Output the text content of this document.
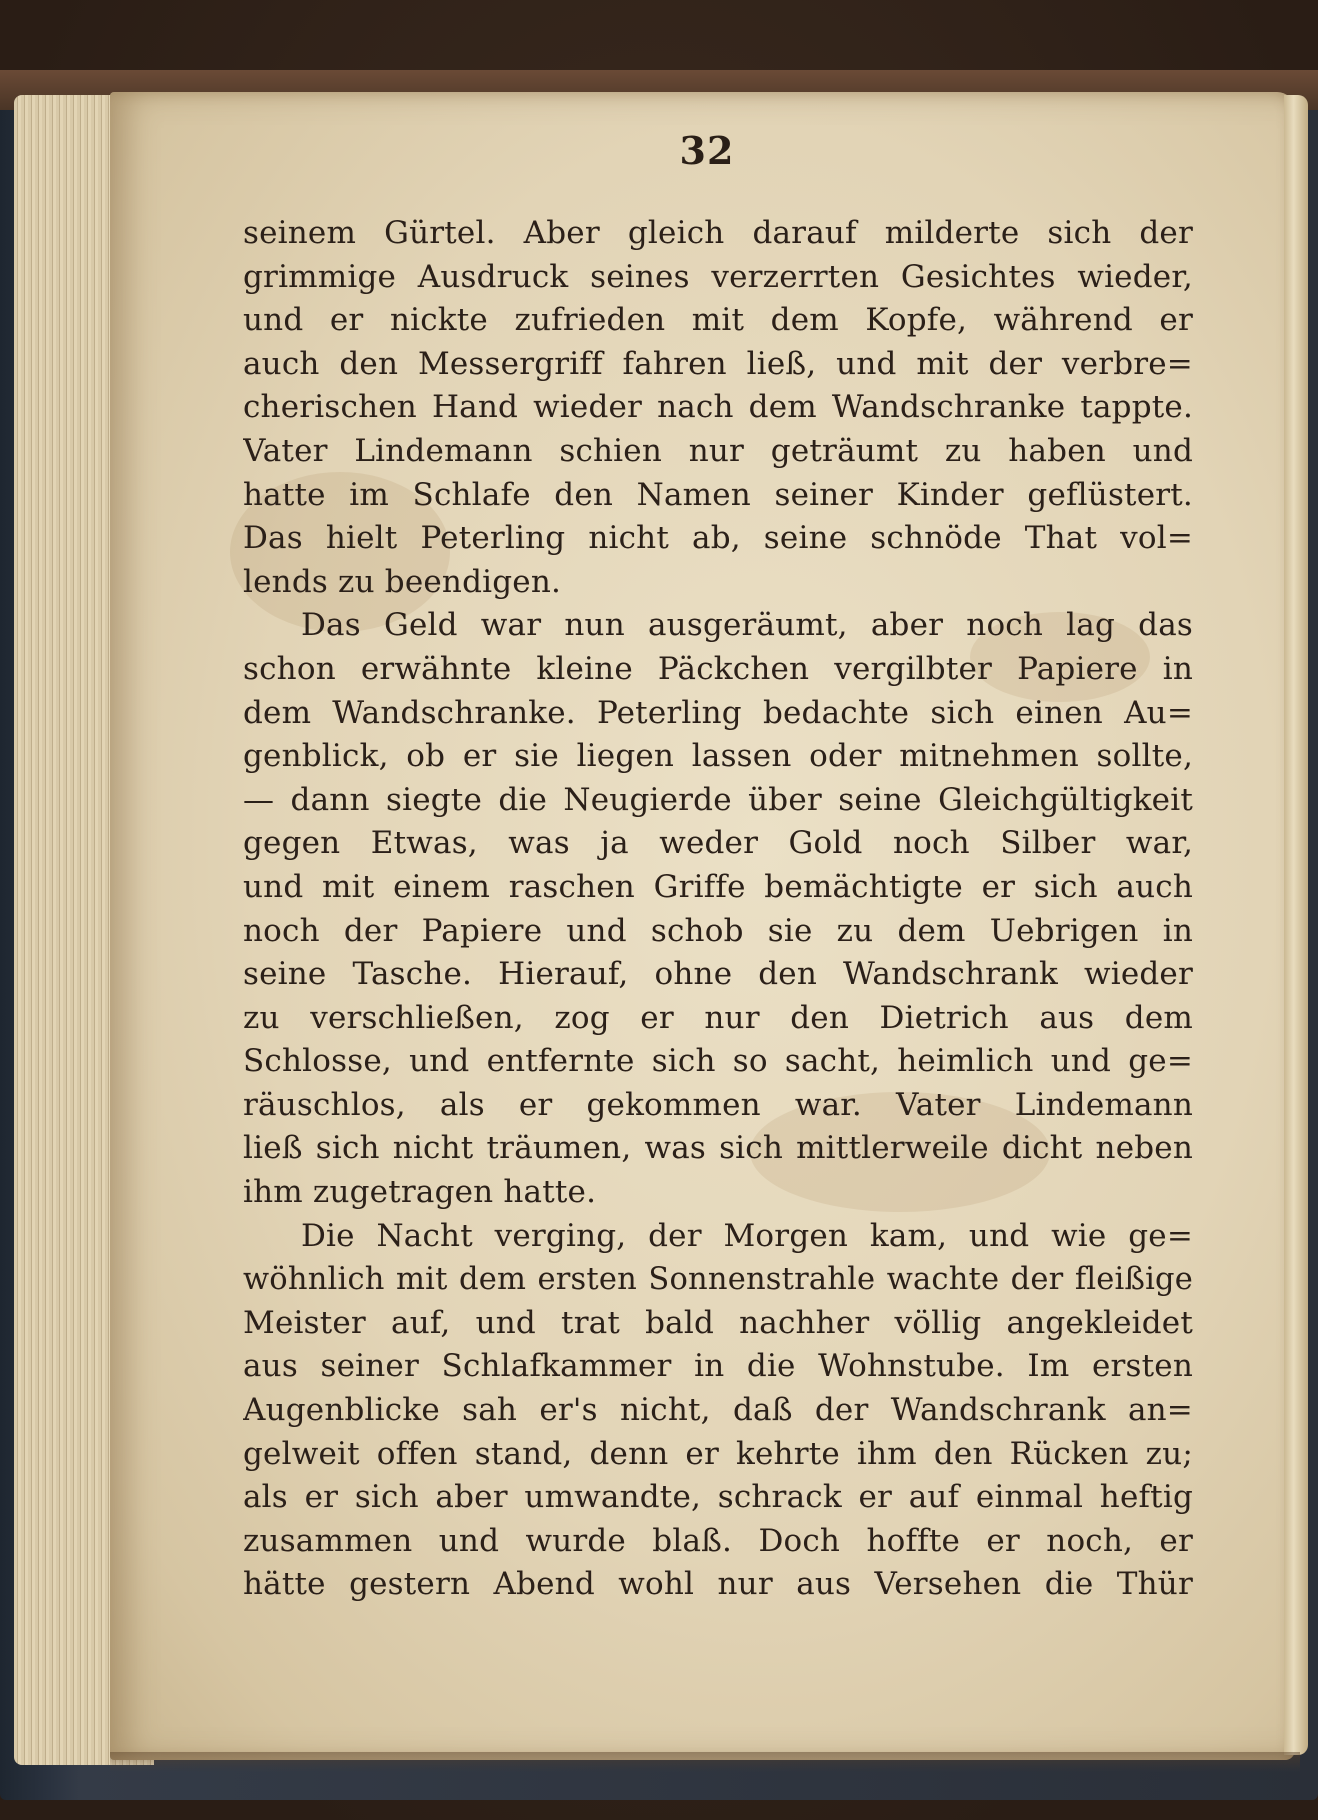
32
seinem Gürtel. Aber gleich darauf milderte sich der
grimmige Ausdruck seines verzerrten Gesichtes wieder,
und er nickte zufrieden mit dem Kopfe, während er
auch den Messergriff fahren ließ, und mit der verbre=
cherischen Hand wieder nach dem Wandschranke tappte.
Vater Lindemann schien nur geträumt zu haben und
hatte im Schlafe den Namen seiner Kinder geflüstert.
Das hielt Peterling nicht ab, seine schnöde That vol=
lends zu beendigen.
Das Geld war nun ausgeräumt, aber noch lag das
schon erwähnte kleine Päckchen vergilbter Papiere in
dem Wandschranke. Peterling bedachte sich einen Au=
genblick, ob er sie liegen lassen oder mitnehmen sollte,
— dann siegte die Neugierde über seine Gleichgültigkeit
gegen Etwas, was ja weder Gold noch Silber war,
und mit einem raschen Griffe bemächtigte er sich auch
noch der Papiere und schob sie zu dem Uebrigen in
seine Tasche. Hierauf, ohne den Wandschrank wieder
zu verschließen, zog er nur den Dietrich aus dem
Schlosse, und entfernte sich so sacht, heimlich und ge=
räuschlos, als er gekommen war. Vater Lindemann
ließ sich nicht träumen, was sich mittlerweile dicht neben
ihm zugetragen hatte.
Die Nacht verging, der Morgen kam, und wie ge=
wöhnlich mit dem ersten Sonnenstrahle wachte der fleißige
Meister auf, und trat bald nachher völlig angekleidet
aus seiner Schlafkammer in die Wohnstube. Im ersten
Augenblicke sah er's nicht, daß der Wandschrank an=
gelweit offen stand, denn er kehrte ihm den Rücken zu;
als er sich aber umwandte, schrack er auf einmal heftig
zusammen und wurde blaß. Doch hoffte er noch, er
hätte gestern Abend wohl nur aus Versehen die Thür
